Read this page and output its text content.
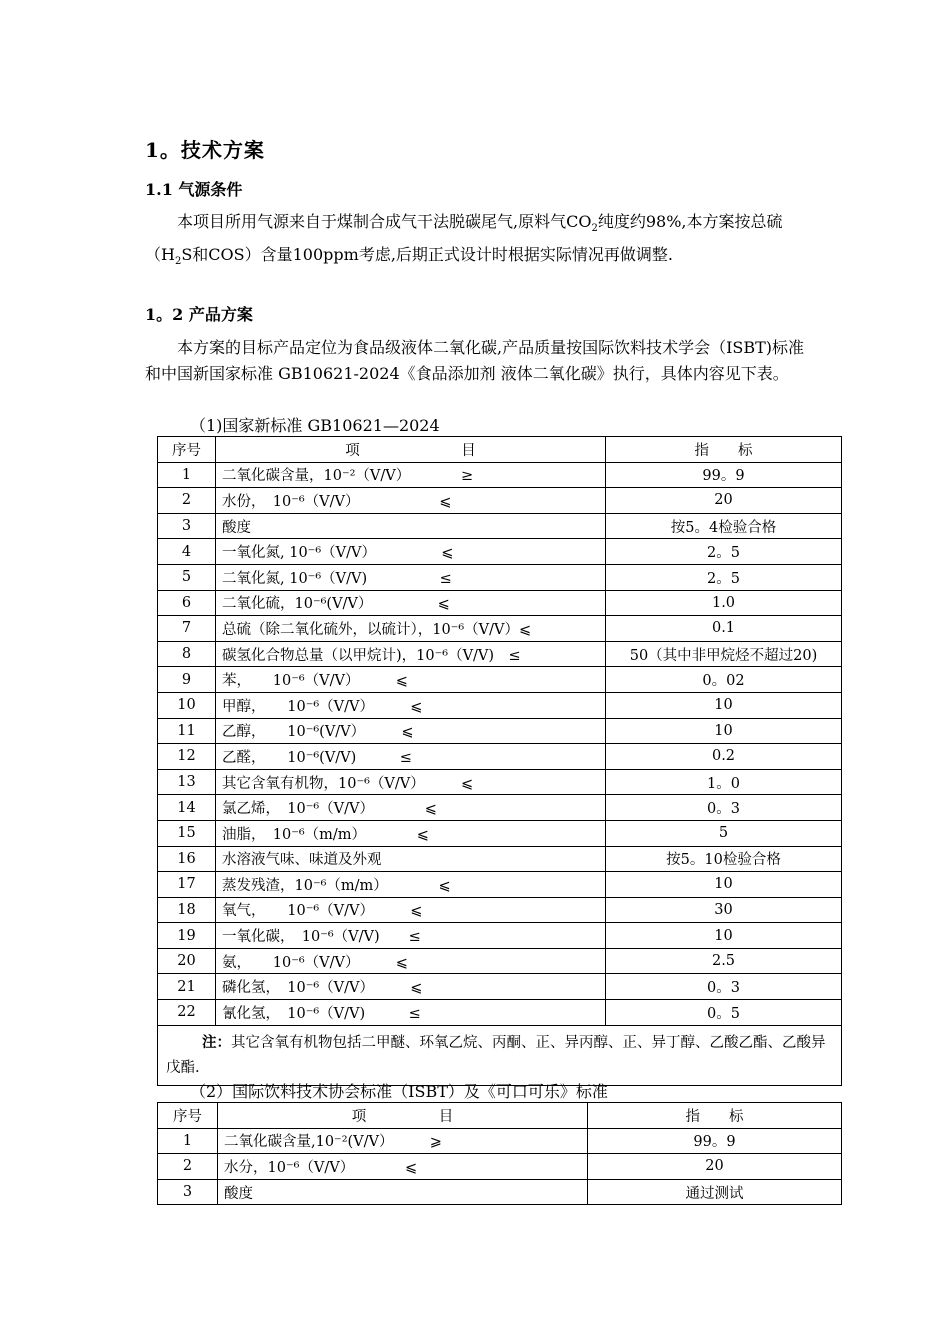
1。技术方案
1.1 气源条件

本项目所用气源来自于煤制合成气干法脱碳尾气,原料气$CO_2$纯度约98%,本方案按总硫（$H_2S$和COS）含量100ppm考虑,后期正式设计时根据实际情况再做调整.

1。2 产品方案

本方案的目标产品定位为食品级液体二氧化碳,产品质量按国际饮料技术学会（ISBT)标准和中国新国家标准 GB10621-2024《食品添加剂 液体二氧化碳》执行，具体内容见下表。

（1)国家新标准 GB10621—2024

序号	项　　　　　　　目	指　　标
1	二氧化碳含量，10⁻²（V/V）　　　　≥	99。9
2	水份，　10⁻⁶（V/V）　　　　　　⩽	20
3	酸度	按5。4检验合格
4	一氧化氮, 10⁻⁶（V/V）　　　　　⩽	2。5
5	二氧化氮, 10⁻⁶（V/V)　　　　　≤	2。5
6	二氧化硫，10⁻⁶(V/V）　　　　　⩽	1.0
7	总硫（除二氧化硫外，以硫计），10⁻⁶（V/V）⩽	0.1
8	碳氢化合物总量（以甲烷计)，10⁻⁶（V/V)　≤	50（其中非甲烷烃不超过20)
9	苯，　　10⁻⁶（V/V）　　　⩽	0。02
10	甲醇，　　10⁻⁶（V/V）　　　⩽	10
11	乙醇，　　10⁻⁶(V/V）　　　⩽	10
12	乙醛，　　10⁻⁶(V/V)　　　≤	0.2
13	其它含氧有机物，10⁻⁶（V/V）　　　⩽	1。0
14	氯乙烯，　10⁻⁶（V/V）　　　　⩽	0。3
15	油脂，　10⁻⁶（m/m）　　　　⩽	5
16	水溶液气味、味道及外观	按5。10检验合格
17	蒸发残渣，10⁻⁶（m/m）　　　　⩽	10
18	氧气，　　10⁻⁶（V/V）　　　⩽	30
19	一氧化碳，　10⁻⁶（V/V)　　≤	10
20	氨，　　10⁻⁶（V/V）　　　⩽	2.5
21	磷化氢，　10⁻⁶（V/V）　　　⩽	0。3
22	氰化氢，　10⁻⁶（V/V)　　　≤	0。5
注：其它含氧有机物包括二甲醚、环氧乙烷、丙酮、正、异丙醇、正、异丁醇、乙酸乙酯、乙酸异戊酯.		

（2）国际饮料技术协会标准（ISBT）及《可口可乐》标准

序号	项　　　　　目	指　　标
1	二氧化碳含量,10⁻²(V/V）　　　⩾	99。9
2	水分，10⁻⁶（V/V）　　　　⩽	20
3	酸度	通过测试
